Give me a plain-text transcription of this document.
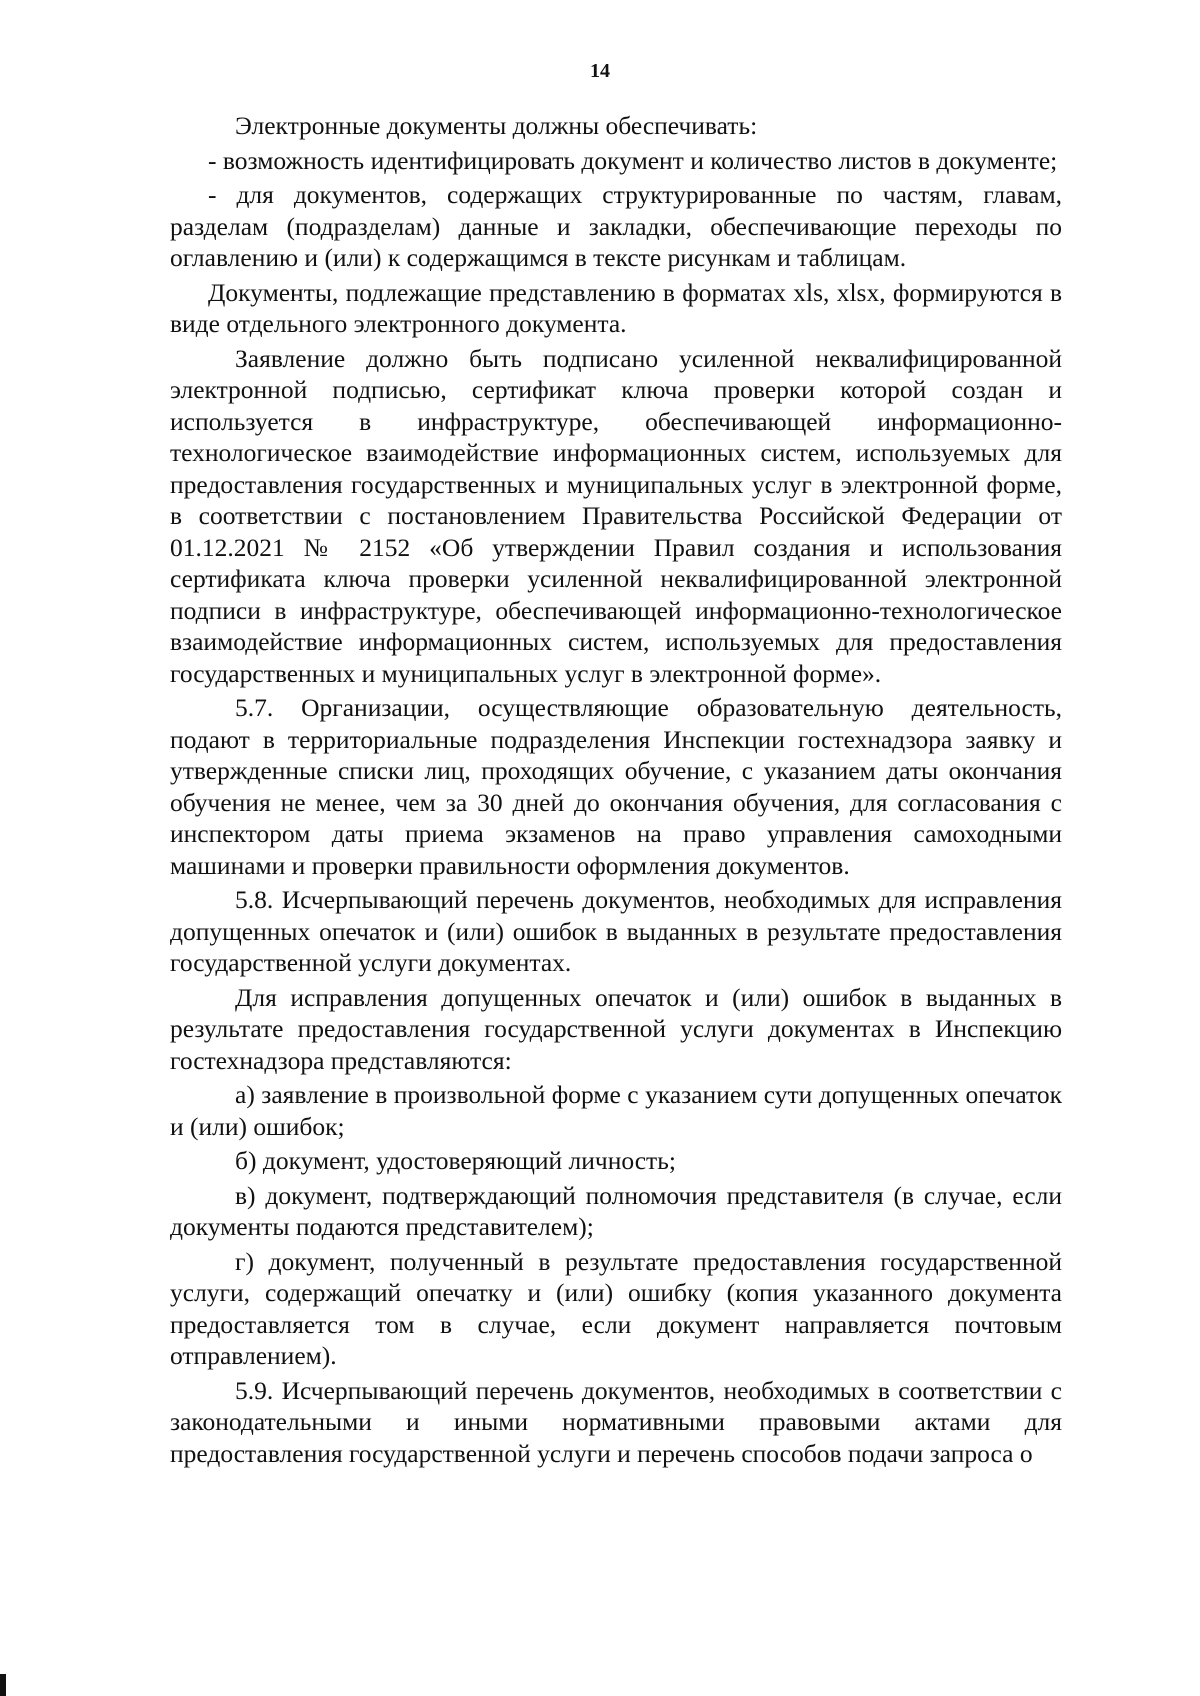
14

Электронные документы должны обеспечивать:

- возможность идентифицировать документ и количество листов в документе;

- для документов, содержащих структурированные по частям, главам, разделам (подразделам) данные и закладки, обеспечивающие переходы по оглавлению и (или) к содержащимся в тексте рисункам и таблицам.

Документы, подлежащие представлению в форматах xls, xlsx, формируются в виде отдельного электронного документа.

Заявление должно быть подписано усиленной неквалифицированной электронной подписью, сертификат ключа проверки которой создан и используется в инфраструктуре, обеспечивающей информационно-технологическое взаимодействие информационных систем, используемых для предоставления государственных и муниципальных услуг в электронной форме, в соответствии с постановлением Правительства Российской Федерации от 01.12.2021 № 2152 «Об утверждении Правил создания и использования сертификата ключа проверки усиленной неквалифицированной электронной подписи в инфраструктуре, обеспечивающей информационно-технологическое взаимодействие информационных систем, используемых для предоставления государственных и муниципальных услуг в электронной форме».

5.7. Организации, осуществляющие образовательную деятельность, подают в территориальные подразделения Инспекции гостехнадзора заявку и утвержденные списки лиц, проходящих обучение, с указанием даты окончания обучения не менее, чем за 30 дней до окончания обучения, для согласования с инспектором даты приема экзаменов на право управления самоходными машинами и проверки правильности оформления документов.

5.8. Исчерпывающий перечень документов, необходимых для исправления допущенных опечаток и (или) ошибок в выданных в результате предоставления государственной услуги документах.

Для исправления допущенных опечаток и (или) ошибок в выданных в результате предоставления государственной услуги документах в Инспекцию гостехнадзора представляются:

а) заявление в произвольной форме с указанием сути допущенных опечаток и (или) ошибок;

б) документ, удостоверяющий личность;

в) документ, подтверждающий полномочия представителя (в случае, если документы подаются представителем);

г) документ, полученный в результате предоставления государственной услуги, содержащий опечатку и (или) ошибку (копия указанного документа предоставляется том в случае, если документ направляется почтовым отправлением).

5.9. Исчерпывающий перечень документов, необходимых в соответствии с законодательными и иными нормативными правовыми актами для предоставления государственной услуги и перечень способов подачи запроса о
